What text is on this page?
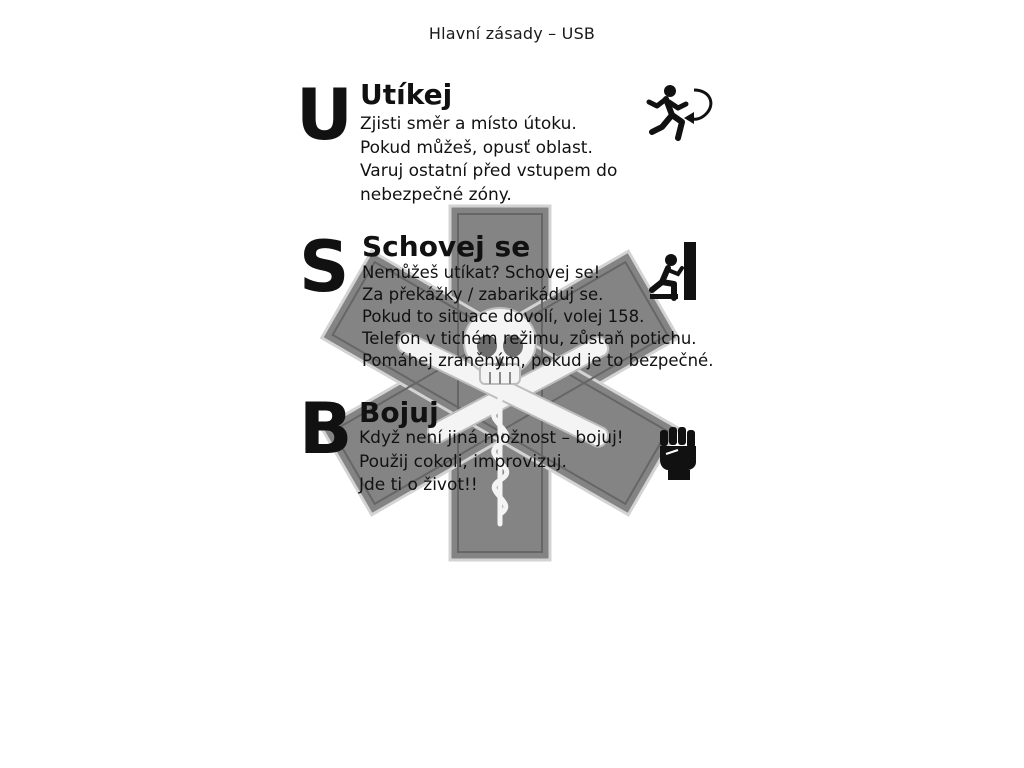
Hlavní zásady – USB
U Utíkej
Zjisti směr a místo útoku.
Pokud můžeš, opusť oblast.
Varuj ostatní před vstupem do
nebezpečné zóny.
S Schovej se
Nemůžeš utíkat? Schovej se!
Za překážky / zabarikáduj se.
Pokud to situace dovolí, volej 158.
Telefon v tichém režimu, zůstaň potichu.
Pomáhej zraněným, pokud je to bezpečné.
B Bojuj
Když není jiná možnost – bojuj!
Použij cokoli, improvizuj.
Jde ti o život!!
